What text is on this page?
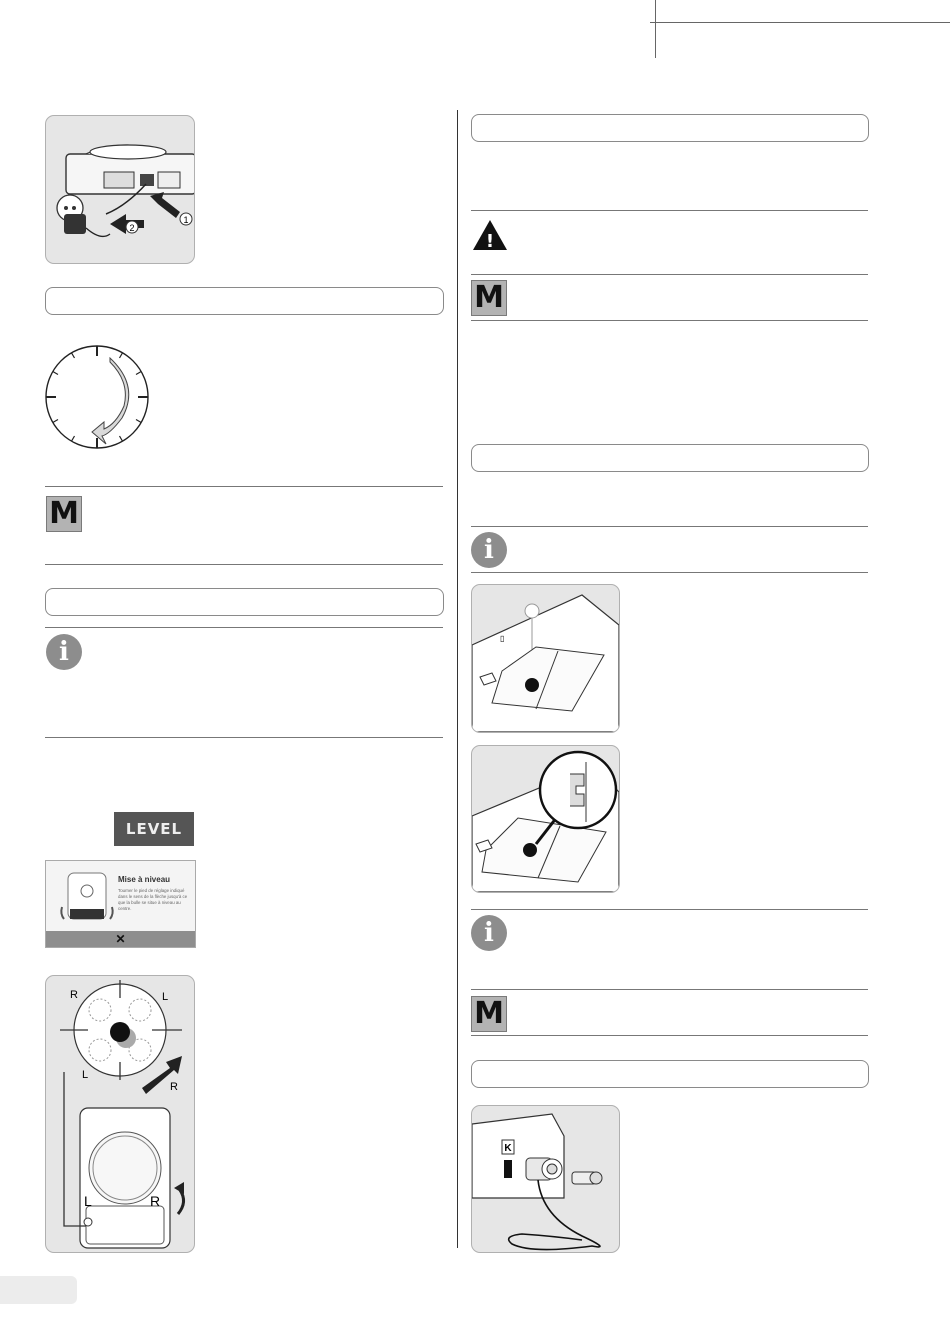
1
2
M
i
LEVEL
Mise à niveau
Tourner le pied de réglage indiqué dans le sens de la flèche jusqu'à ce que la bulle se situe à niveau au centre.
✕
R	L
L
R
L	R
!
M
i
▯
i
M
K
